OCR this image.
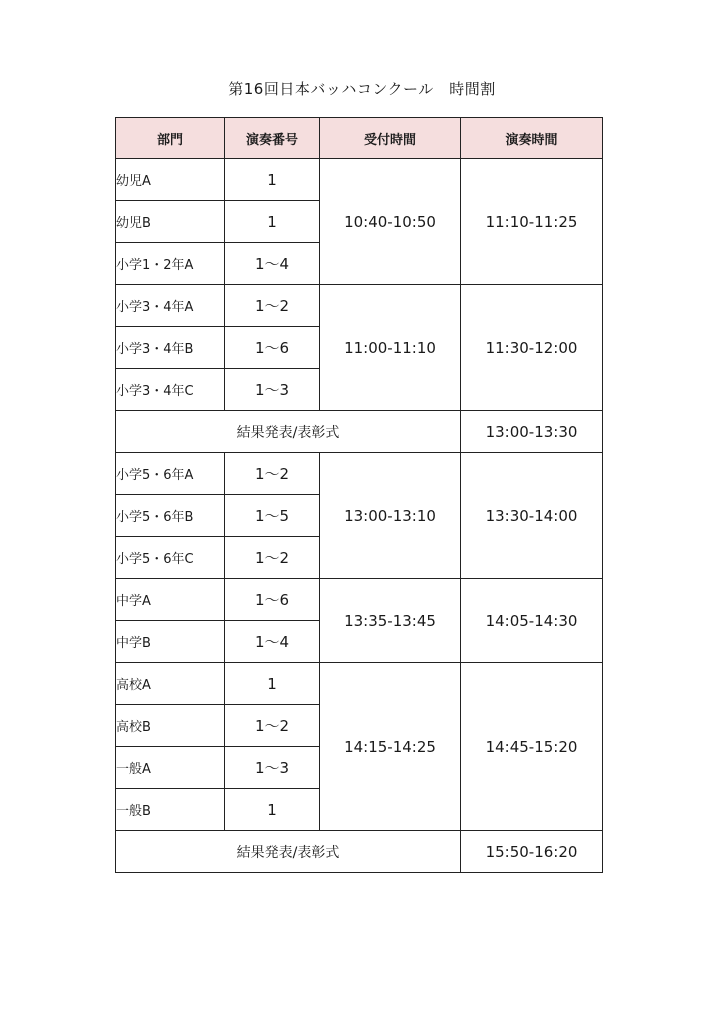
第16回日本バッハコンクール　時間割
部門	演奏番号	受付時間	演奏時間
幼児A	1	10:40-10:50	11:10-11:25
幼児B	1		
小学1・2年A	1～4		
小学3・4年A	1～2	11:00-11:10	11:30-12:00
小学3・4年B	1～6		
小学3・4年C	1～3		
結果発表/表彰式			13:00-13:30
小学5・6年A	1～2	13:00-13:10	13:30-14:00
小学5・6年B	1～5		
小学5・6年C	1～2		
中学A	1～6	13:35-13:45	14:05-14:30
中学B	1～4		
高校A	1	14:15-14:25	14:45-15:20
高校B	1～2		
一般A	1～3		
一般B	1		
結果発表/表彰式			15:50-16:20
